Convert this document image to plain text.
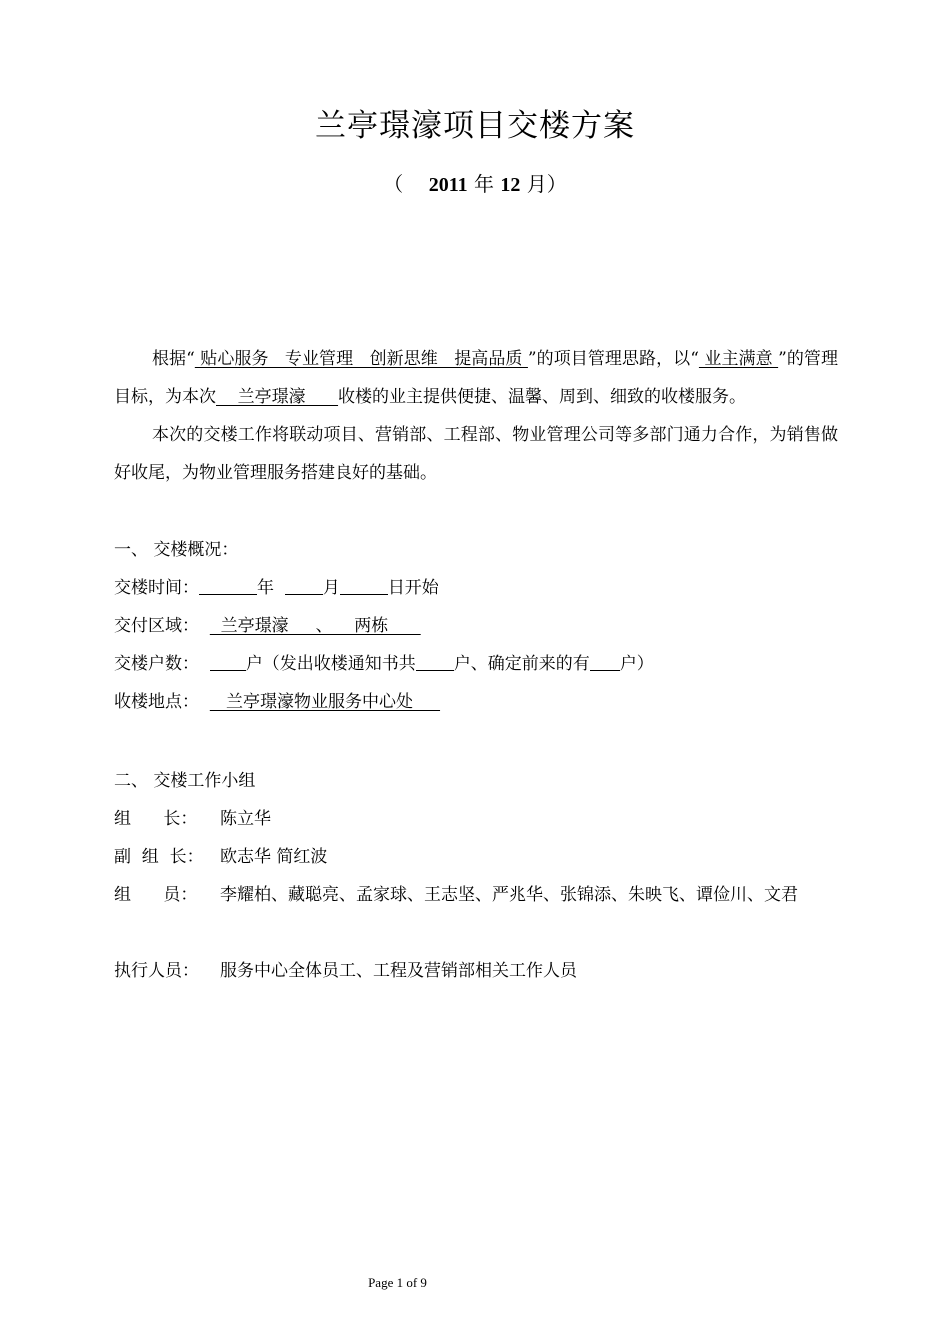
兰亭璟濠项目交楼方案
（ 2011 年 12 月）

根据“ 贴心服务   专业管理   创新思维   提高品质 ”的项目管理思路，以“ 业主满意 ”的管理目标，为本次    兰亭璟濠      收楼的业主提供便捷、温馨、周到、细致的收楼服务。

本次的交楼工作将联动项目、营销部、工程部、物业管理公司等多部门通力合作，为销售做好收尾，为物业管理服务搭建良好的基础。

一、 交楼概况：
交楼时间：	年	月	日开始
交付区域：    兰亭璟濠     、    两栋
交楼户数：	户（发出收楼通知书共 户、确定前来的有 户）
收楼地点：     兰亭璟濠物业服务中心处
二、 交楼工作小组
组      长： 陈立华
副  组  长： 欧志华 简红波
组      员：	李耀柏、藏聪亮、孟家球、王志坚、严兆华、张锦添、朱映飞、谭俭川、文君
执行人员： 服务中心全体员工、工程及营销部相关工作人员
Page 1 of 9
